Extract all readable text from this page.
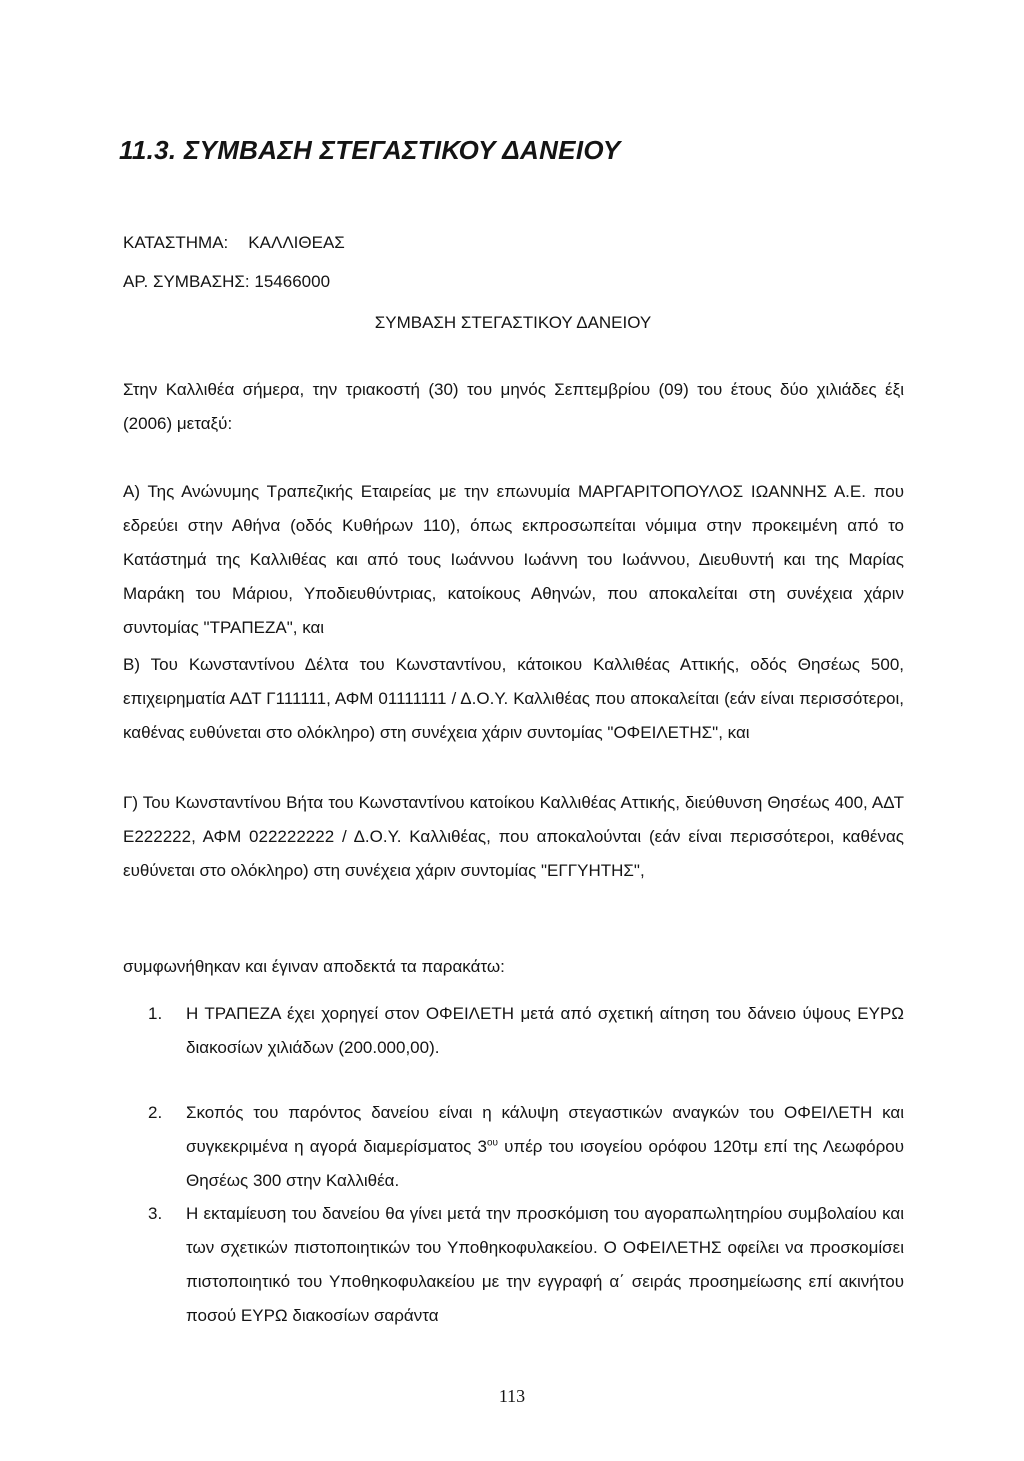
11.3. ΣΥΜΒΑΣΗ ΣΤΕΓΑΣΤΙΚΟΥ ΔΑΝΕΙΟΥ
ΚΑΤΑΣΤΗΜΑ: ΚΑΛΛΙΘΕΑΣ
ΑΡ. ΣΥΜΒΑΣΗΣ: 15466000
ΣΥΜΒΑΣΗ ΣΤΕΓΑΣΤΙΚΟΥ ΔΑΝΕΙΟΥ
Στην Καλλιθέα σήμερα, την τριακοστή (30) του μηνός Σεπτεμβρίου (09) του έτους δύο χιλιάδες έξι (2006) μεταξύ:
Α) Της Ανώνυμης Τραπεζικής Εταιρείας με την επωνυμία ΜΑΡΓΑΡΙΤΟΠΟΥΛΟΣ ΙΩΑΝΝΗΣ Α.Ε. που εδρεύει στην Αθήνα (οδός Κυθήρων 110), όπως εκπροσωπείται νόμιμα στην προκειμένη από το Κατάστημά της Καλλιθέας και από τους Ιωάννου Ιωάννη του Ιωάννου, Διευθυντή και της Μαρίας Μαράκη του Μάριου, Υποδιευθύντριας, κατοίκους Αθηνών, που αποκαλείται στη συνέχεια χάριν συντομίας "ΤΡΑΠΕΖΑ", και
Β) Του Κωνσταντίνου Δέλτα του Κωνσταντίνου, κάτοικου Καλλιθέας Αττικής, οδός Θησέως 500, επιχειρηματία ΑΔΤ Γ111111, ΑΦΜ 01111111 / Δ.Ο.Υ. Καλλιθέας που αποκαλείται (εάν είναι περισσότεροι, καθένας ευθύνεται στο ολόκληρο) στη συνέχεια χάριν συντομίας "ΟΦΕΙΛΕΤΗΣ", και
Γ) Του Κωνσταντίνου Βήτα του Κωνσταντίνου κατοίκου Καλλιθέας Αττικής, διεύθυνση Θησέως 400, ΑΔΤ Ε222222, ΑΦΜ 022222222 / Δ.Ο.Υ. Καλλιθέας, που αποκαλούνται (εάν είναι περισσότεροι, καθένας ευθύνεται στο ολόκληρο) στη συνέχεια χάριν συντομίας "ΕΓΓΥΗΤΗΣ",
συμφωνήθηκαν και έγιναν αποδεκτά τα παρακάτω:
1.	Η ΤΡΑΠΕΖΑ έχει χορηγεί στον ΟΦΕΙΛΕΤΗ μετά από σχετική αίτηση του δάνειο ύψους ΕΥΡΩ διακοσίων χιλιάδων (200.000,00).
2.	Σκοπός του παρόντος δανείου είναι η κάλυψη στεγαστικών αναγκών του ΟΦΕΙΛΕΤΗ και συγκεκριμένα η αγορά διαμερίσματος $3^{o\upsilon}$ υπέρ του ισογείου ορόφου 120τμ επί της Λεωφόρου Θησέως 300 στην Καλλιθέα.
3.	Η εκταμίευση του δανείου θα γίνει μετά την προσκόμιση του αγοραπωλητηρίου συμβολαίου και των σχετικών πιστοποιητικών του Υποθηκοφυλακείου. Ο ΟΦΕΙΛΕΤΗΣ οφείλει να προσκομίσει πιστοποιητικό του Υποθηκοφυλακείου με την εγγραφή α΄ σειράς προσημείωσης επί ακινήτου ποσού ΕΥΡΩ διακοσίων σαράντα
113
